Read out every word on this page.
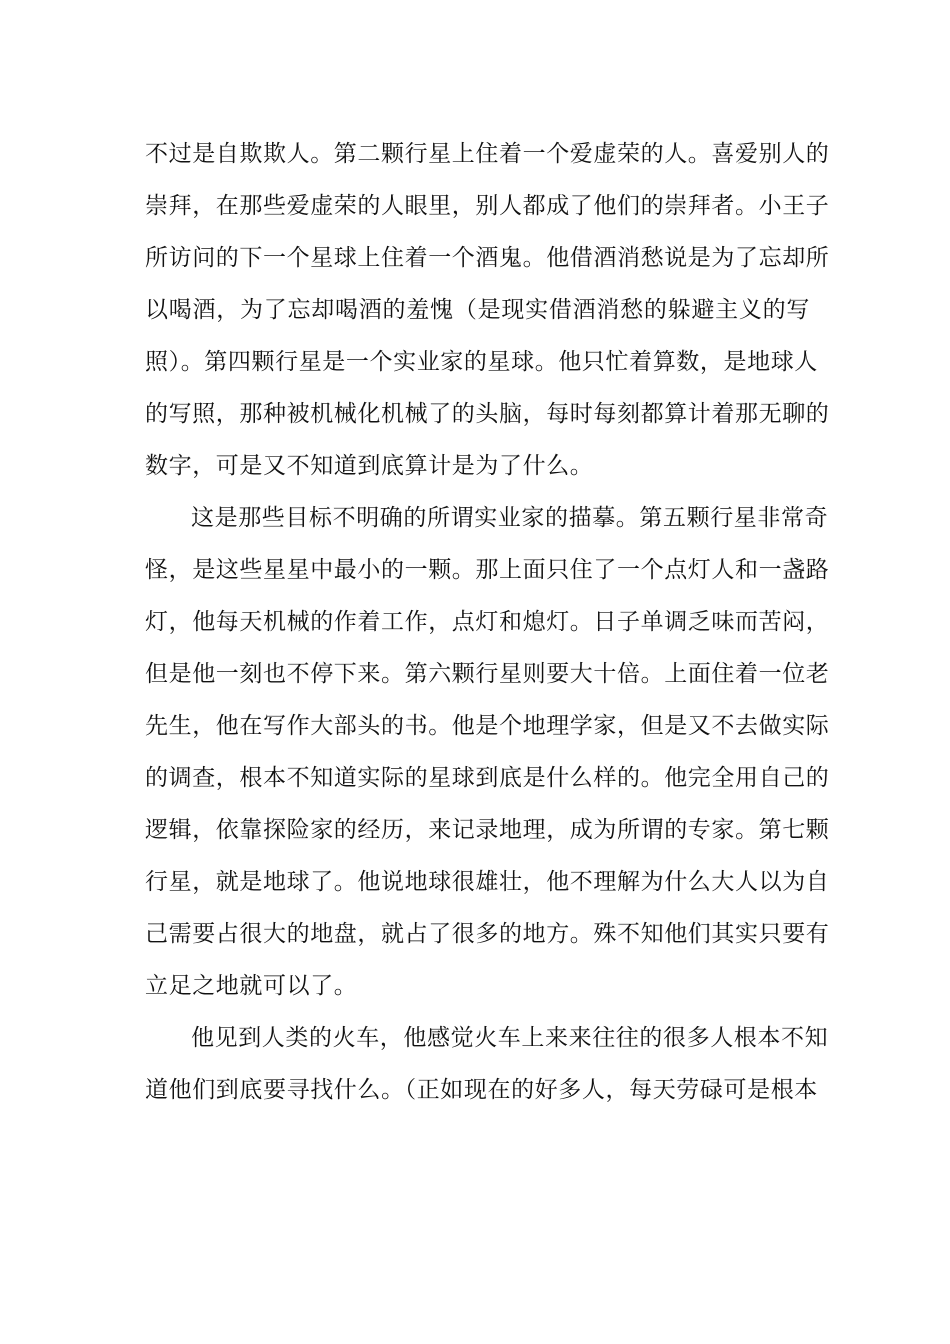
不过是自欺欺人。第二颗行星上住着一个爱虚荣的人。喜爱别人的
崇拜，在那些爱虚荣的人眼里，别人都成了他们的崇拜者。小王子
所访问的下一个星球上住着一个酒鬼。他借酒消愁说是为了忘却所
以喝酒，为了忘却喝酒的羞愧（是现实借酒消愁的躲避主义的写
照）。第四颗行星是一个实业家的星球。他只忙着算数，是地球人
的写照，那种被机械化机械了的头脑，每时每刻都算计着那无聊的
数字，可是又不知道到底算计是为了什么。
这是那些目标不明确的所谓实业家的描摹。第五颗行星非常奇
怪，是这些星星中最小的一颗。那上面只住了一个点灯人和一盏路
灯，他每天机械的作着工作，点灯和熄灯。日子单调乏味而苦闷，
但是他一刻也不停下来。第六颗行星则要大十倍。上面住着一位老
先生，他在写作大部头的书。他是个地理学家，但是又不去做实际
的调查，根本不知道实际的星球到底是什么样的。他完全用自己的
逻辑，依靠探险家的经历，来记录地理，成为所谓的专家。第七颗
行星，就是地球了。他说地球很雄壮，他不理解为什么大人以为自
己需要占很大的地盘，就占了很多的地方。殊不知他们其实只要有
立足之地就可以了。
他见到人类的火车，他感觉火车上来来往往的很多人根本不知
道他们到底要寻找什么。（正如现在的好多人，每天劳碌可是根本
